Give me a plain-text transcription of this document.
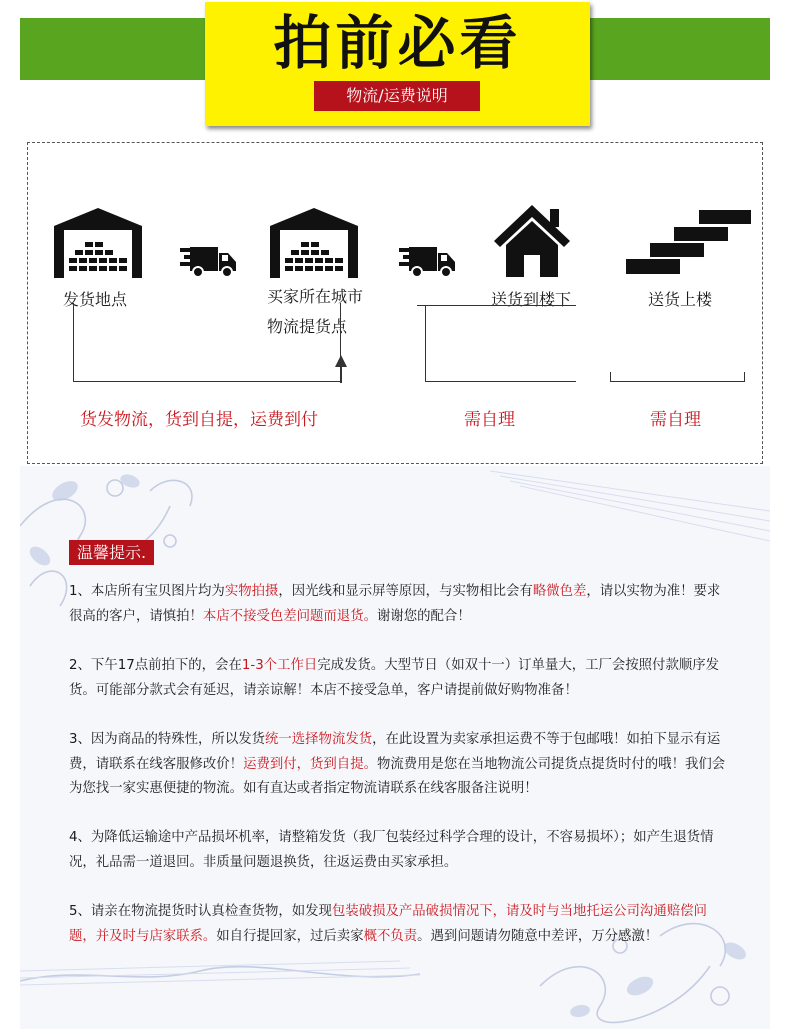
拍前必看
物流/运费说明
发货地点	买家所在城市
物流提货点
送货到楼下	送货上楼
货发物流，货到自提，运费到付	需自理	需自理
温馨提示.
1、本店所有宝贝图片均为实物拍摄，因光线和显示屏等原因，与实物相比会有略微色差，请以实物为准！要求很高的客户，请慎拍！本店不接受色差问题而退货。谢谢您的配合！
2、下午17点前拍下的，会在1-3个工作日完成发货。大型节日（如双十一）订单量大，工厂会按照付款顺序发货。可能部分款式会有延迟，请亲谅解！本店不接受急单，客户请提前做好购物准备！
3、因为商品的特殊性，所以发货统一选择物流发货，在此设置为卖家承担运费不等于包邮哦！如拍下显示有运费，请联系在线客服修改价！运费到付，货到自提。物流费用是您在当地物流公司提货点提货时付的哦！我们会为您找一家实惠便捷的物流。如有直达或者指定物流请联系在线客服备注说明！
4、为降低运输途中产品损坏机率，请整箱发货（我厂包装经过科学合理的设计，不容易损坏）；如产生退货情况，礼品需一道退回。非质量问题退换货，往返运费由买家承担。
5、请亲在物流提货时认真检查货物，如发现包装破损及产品破损情况下，请及时与当地托运公司沟通赔偿问题，并及时与店家联系。如自行提回家，过后卖家概不负责。遇到问题请勿随意中差评，万分感激！
